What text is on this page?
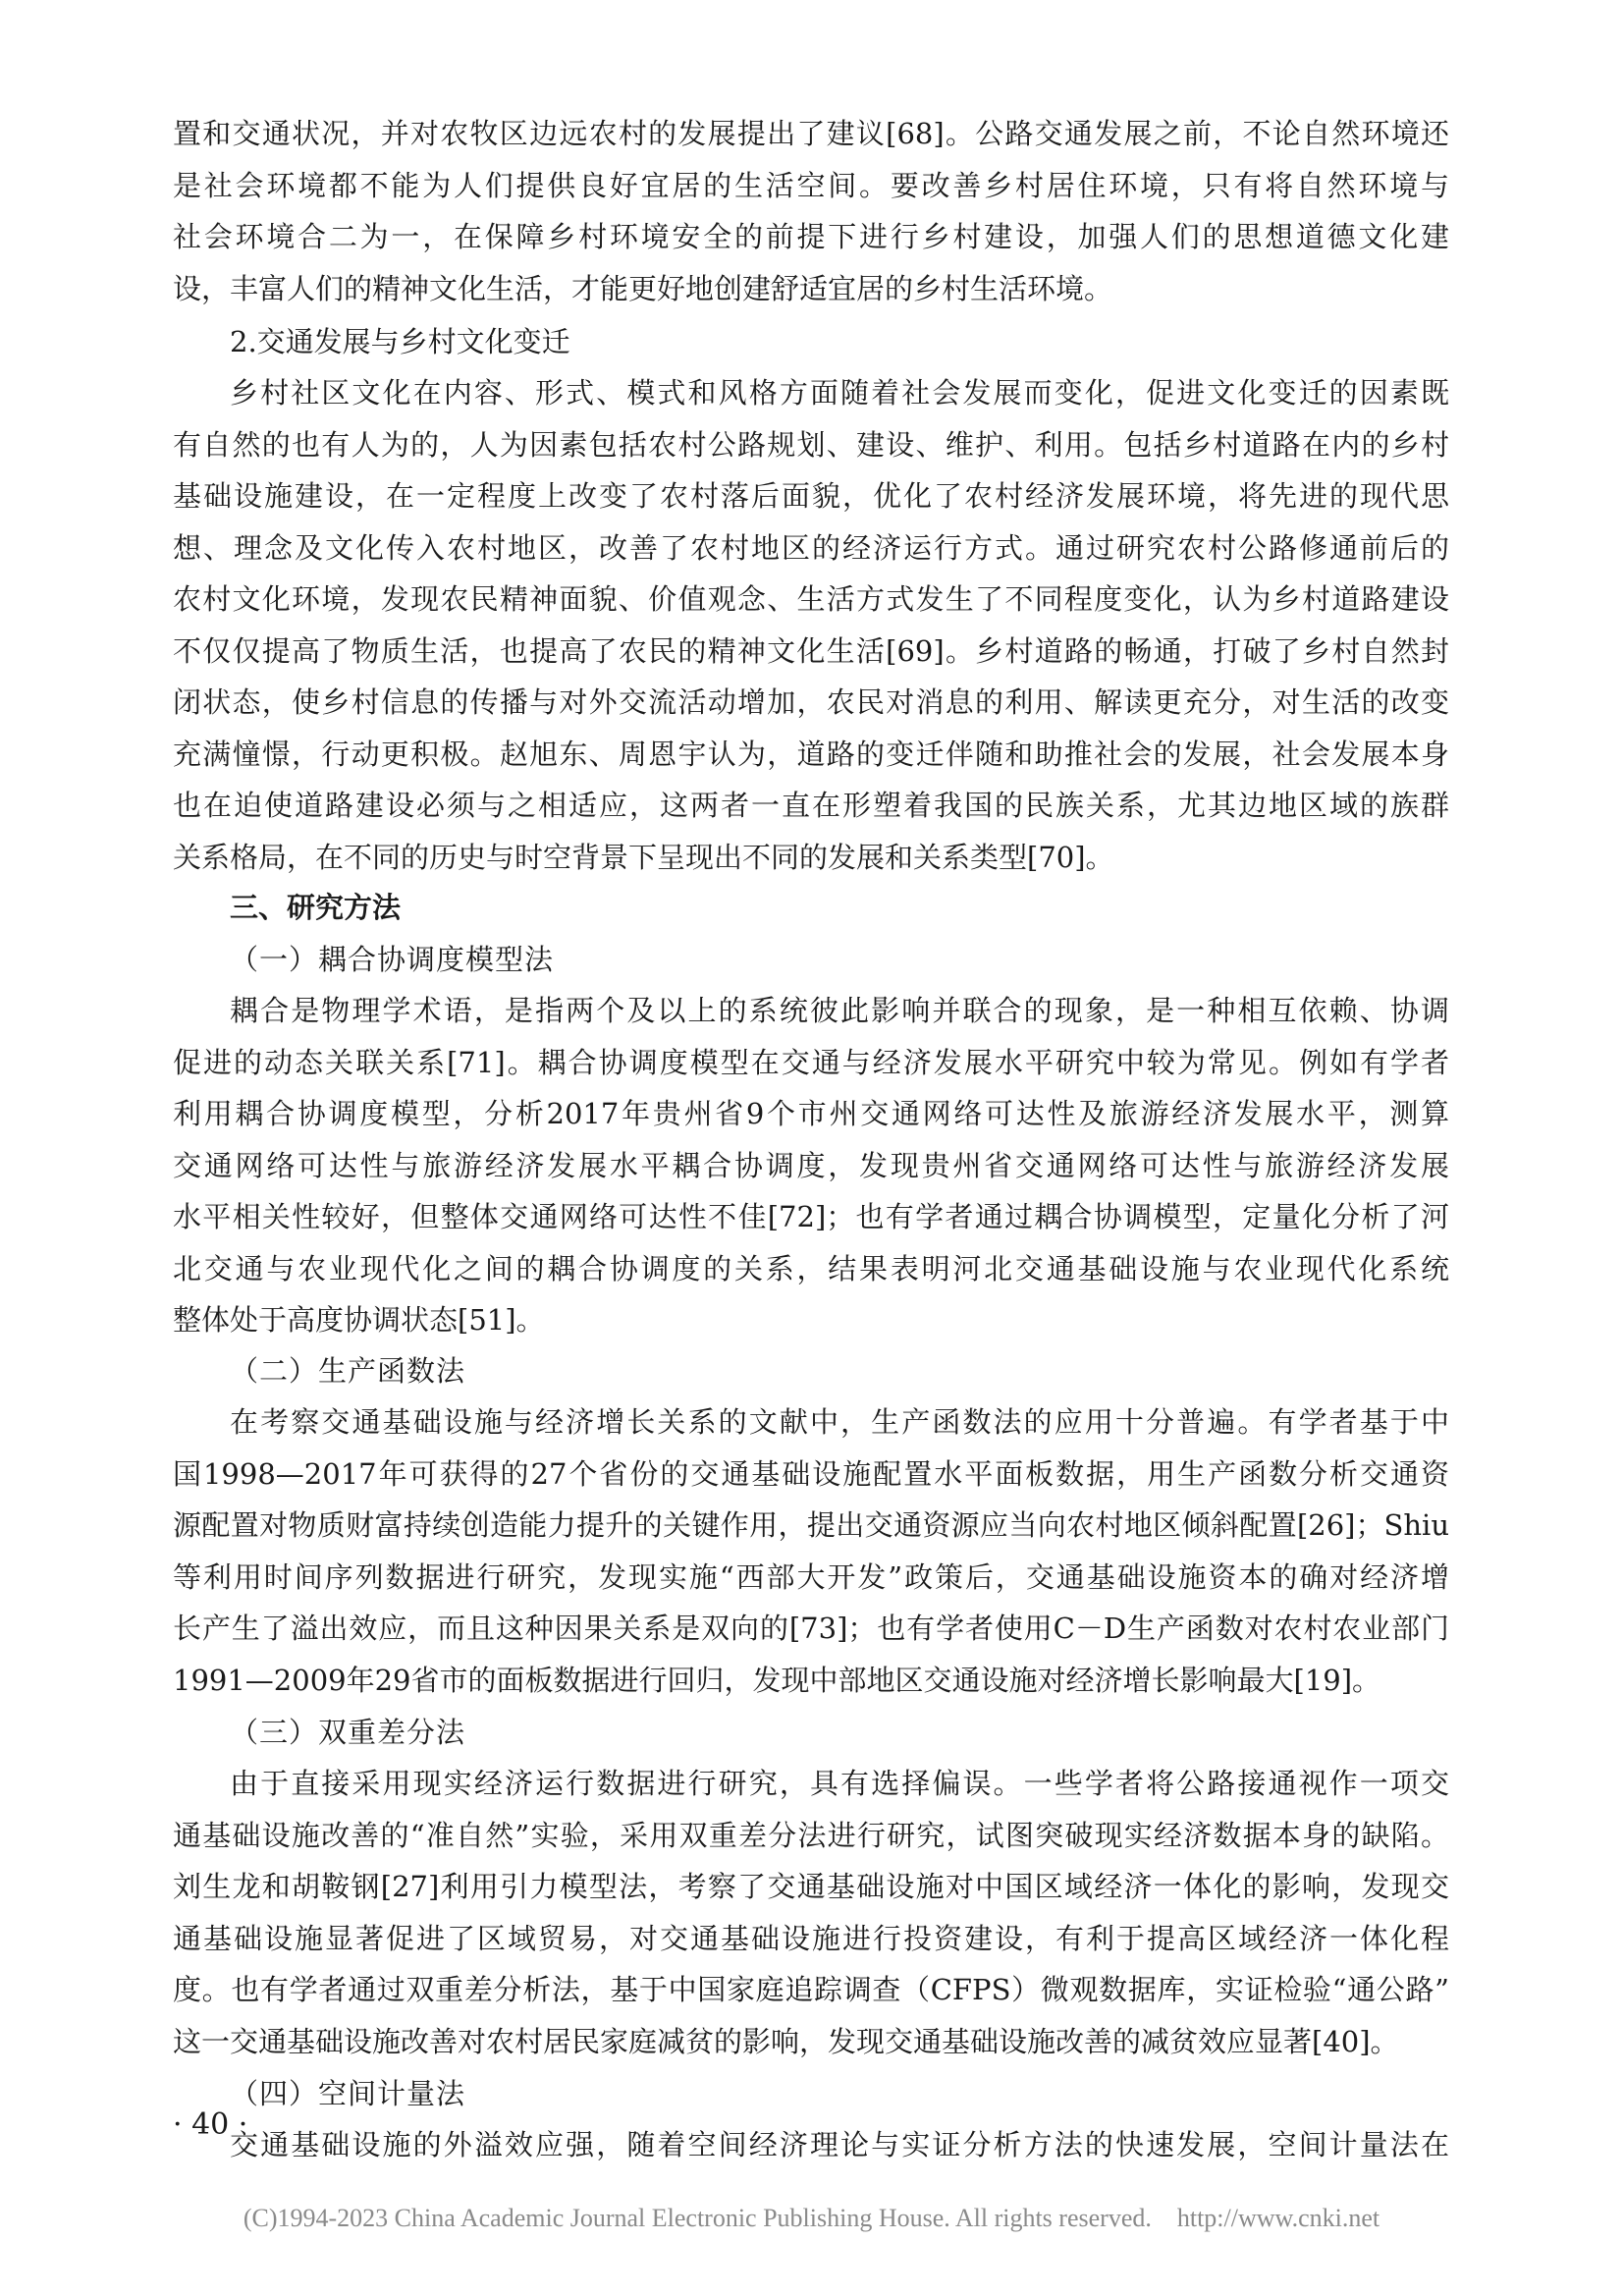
置和交通状况，并对农牧区边远农村的发展提出了建议[68]。公路交通发展之前，不论自然环境还
是社会环境都不能为人们提供良好宜居的生活空间。要改善乡村居住环境，只有将自然环境与
社会环境合二为一，在保障乡村环境安全的前提下进行乡村建设，加强人们的思想道德文化建
设，丰富人们的精神文化生活，才能更好地创建舒适宜居的乡村生活环境。
2.交通发展与乡村文化变迁
乡村社区文化在内容、形式、模式和风格方面随着社会发展而变化，促进文化变迁的因素既
有自然的也有人为的，人为因素包括农村公路规划、建设、维护、利用。包括乡村道路在内的乡村
基础设施建设，在一定程度上改变了农村落后面貌，优化了农村经济发展环境，将先进的现代思
想、理念及文化传入农村地区，改善了农村地区的经济运行方式。通过研究农村公路修通前后的
农村文化环境，发现农民精神面貌、价值观念、生活方式发生了不同程度变化，认为乡村道路建设
不仅仅提高了物质生活，也提高了农民的精神文化生活[69]。乡村道路的畅通，打破了乡村自然封
闭状态，使乡村信息的传播与对外交流活动增加，农民对消息的利用、解读更充分，对生活的改变
充满憧憬，行动更积极。赵旭东、周恩宇认为，道路的变迁伴随和助推社会的发展，社会发展本身
也在迫使道路建设必须与之相适应，这两者一直在形塑着我国的民族关系，尤其边地区域的族群
关系格局，在不同的历史与时空背景下呈现出不同的发展和关系类型[70]。
三、研究方法
（一）耦合协调度模型法
耦合是物理学术语，是指两个及以上的系统彼此影响并联合的现象，是一种相互依赖、协调
促进的动态关联关系[71]。耦合协调度模型在交通与经济发展水平研究中较为常见。例如有学者
利用耦合协调度模型，分析2017年贵州省9个市州交通网络可达性及旅游经济发展水平，测算
交通网络可达性与旅游经济发展水平耦合协调度，发现贵州省交通网络可达性与旅游经济发展
水平相关性较好，但整体交通网络可达性不佳[72]；也有学者通过耦合协调模型，定量化分析了河
北交通与农业现代化之间的耦合协调度的关系，结果表明河北交通基础设施与农业现代化系统
整体处于高度协调状态[51]。
（二）生产函数法
在考察交通基础设施与经济增长关系的文献中，生产函数法的应用十分普遍。有学者基于中
国1998—2017年可获得的27个省份的交通基础设施配置水平面板数据，用生产函数分析交通资
源配置对物质财富持续创造能力提升的关键作用，提出交通资源应当向农村地区倾斜配置[26]；Shiu
等利用时间序列数据进行研究，发现实施“西部大开发”政策后，交通基础设施资本的确对经济增
长产生了溢出效应，而且这种因果关系是双向的[73]；也有学者使用C－D生产函数对农村农业部门
1991—2009年29省市的面板数据进行回归，发现中部地区交通设施对经济增长影响最大[19]。
（三）双重差分法
由于直接采用现实经济运行数据进行研究，具有选择偏误。一些学者将公路接通视作一项交
通基础设施改善的“准自然”实验，采用双重差分法进行研究，试图突破现实经济数据本身的缺陷。
刘生龙和胡鞍钢[27]利用引力模型法，考察了交通基础设施对中国区域经济一体化的影响，发现交
通基础设施显著促进了区域贸易，对交通基础设施进行投资建设，有利于提高区域经济一体化程
度。也有学者通过双重差分析法，基于中国家庭追踪调查（CFPS）微观数据库，实证检验“通公路”
这一交通基础设施改善对农村居民家庭减贫的影响，发现交通基础设施改善的减贫效应显著[40]。
（四）空间计量法
交通基础设施的外溢效应强，随着空间经济理论与实证分析方法的快速发展，空间计量法在
· 40 ·
(C)1994-2023 China Academic Journal Electronic Publishing House. All rights reserved.    http://www.cnki.net
